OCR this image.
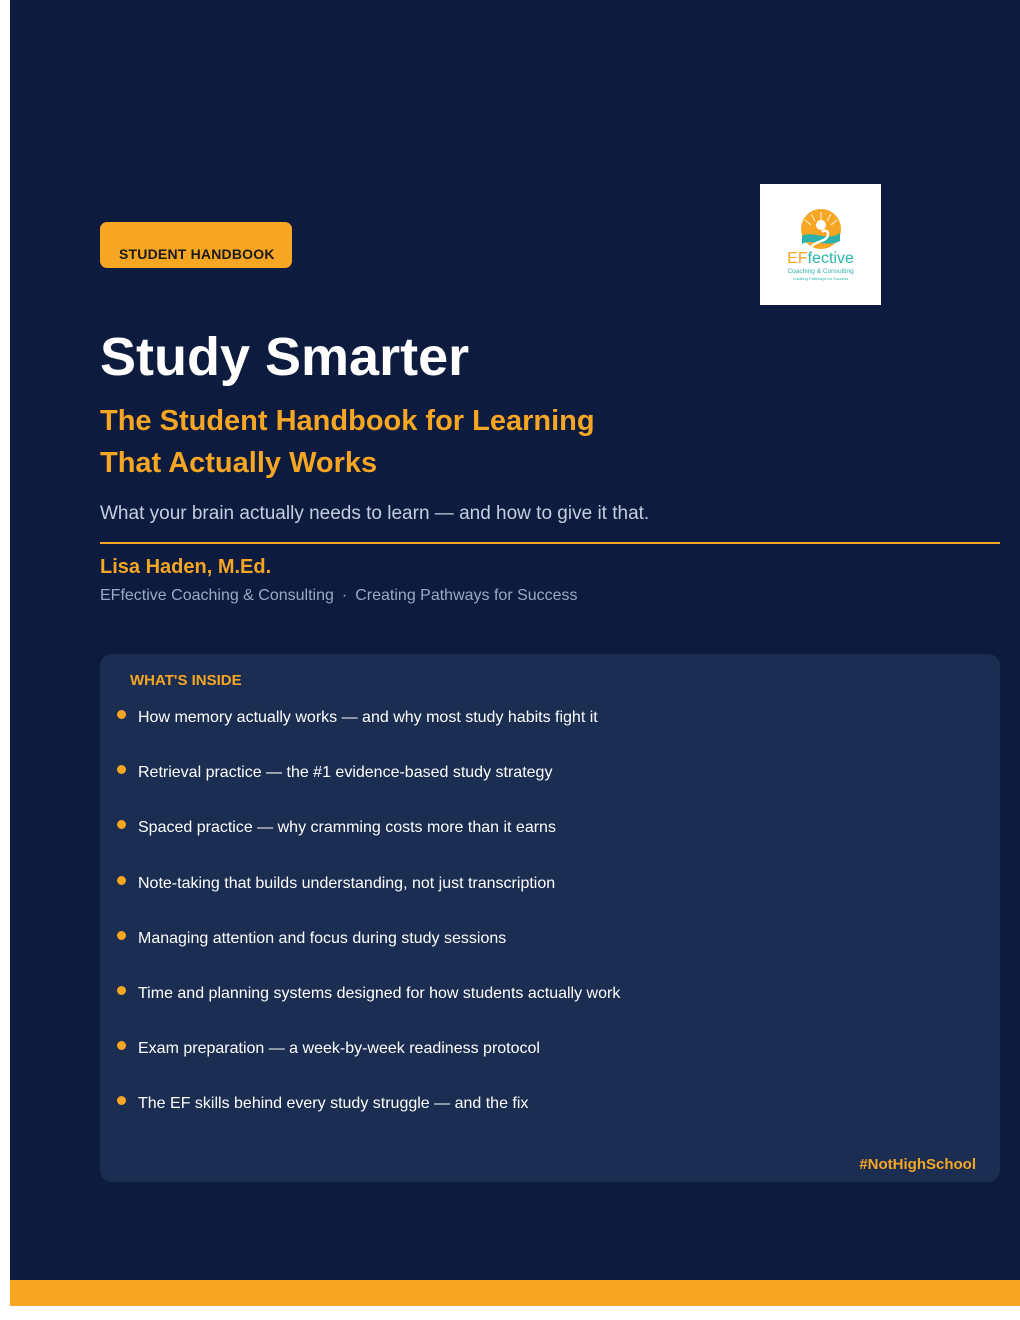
STUDENT HANDBOOK	EFfective
Coaching & Consulting
Creating Pathways for Success
Study Smarter
The Student Handbook for Learning
That Actually Works
What your brain actually needs to learn — and how to give it that.
Lisa Haden, M.Ed.
EFfective Coaching & Consulting · Creating Pathways for Success
WHAT'S INSIDE
How memory actually works — and why most study habits fight it
Retrieval practice — the #1 evidence-based study strategy
Spaced practice — why cramming costs more than it earns
Note-taking that builds understanding, not just transcription
Managing attention and focus during study sessions
Time and planning systems designed for how students actually work
Exam preparation — a week-by-week readiness protocol
The EF skills behind every study struggle — and the fix
#NotHighSchool
